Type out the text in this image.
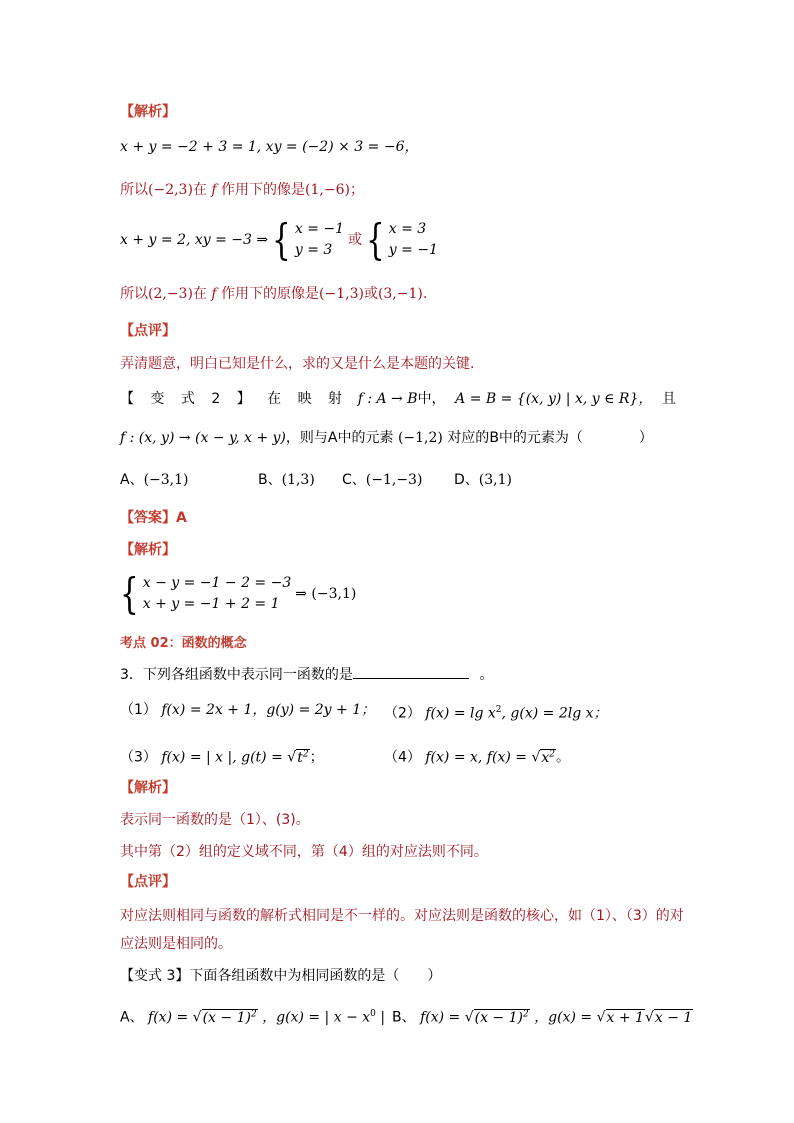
【解析】
x + y = −2 + 3 = 1, xy = (−2) × 3 = −6，
所以(−2,3)在 f 作用下的像是(1,−6)；
x + y = 2, xy = −3 ⇒ { x = −1
y = 3
或 { x = 3
y = −1
所以(2,−3)在 f 作用下的原像是(−1,3)或(3,−1).
【点评】
弄清题意，明白已知是什么，求的又是什么是本题的关键.
【 变 式 2 】 在 映 射 f : A → B中， A = B = {(x, y) | x, y ∈ R}， 且
f : (x, y) → (x − y, x + y)，则与A中的元素 (−1,2) 对应的B中的元素为（　　　　）
A、(−3,1)	B、(1,3) C、(−1,−3) D、(3,1)
【答案】A
【解析】
{ x − y = −1 − 2 = −3
x + y = −1 + 2 = 1
⇒ (−3,1)
考点 02：函数的概念
3．下列各组函数中表示同一函数的是	。
（1） f(x) = 2x + 1，g(y) = 2y + 1； （2） $f(x) = \lg x^2$, g(x) = 2lg x；
（3） f(x) = | x |, $g(t) = √t^2$；	（4） f(x) = x, $f(x) = √x^2$。
【解析】
表示同一函数的是（1）、(3)。
其中第（2）组的定义域不同，第（4）组的对应法则不同。
【点评】
对应法则相同与函数的解析式相同是不一样的。对应法则是函数的核心，如（1）、（3）的对
应法则是相同的。
【变式 3】下面各组函数中为相同函数的是（　　）
A、 $f(x) = √(x - 1)^2$ ，g(x) = | $x - x^0$ | B、 $f(x) = √(x - 1)^2$ ，g(x) = √x + 1√x − 1
